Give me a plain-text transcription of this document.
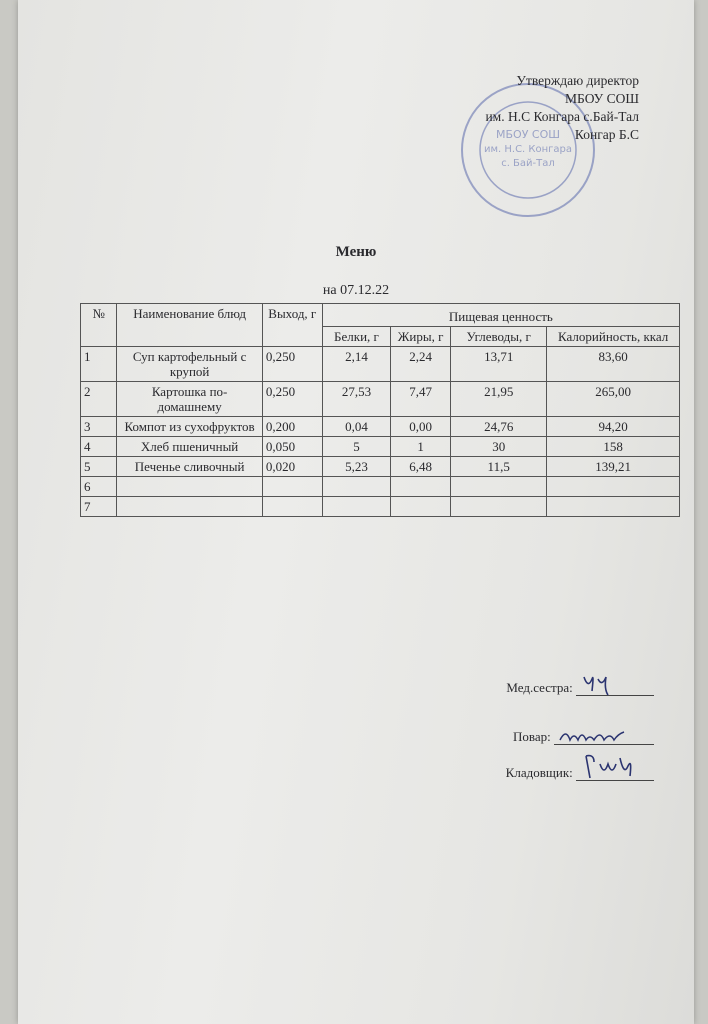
МБОУ СОШ
им. Н.С. Конгара
с. Бай-Тал
Утверждаю директор
МБОУ СОШ
им. Н.С Конгара с.Бай-Тал
Конгар Б.С
Меню
на 07.12.22
№	Наименование блюд	Выход, г	Пищевая ценность			
			Белки, г	Жиры, г	Углеводы, г	Калорийность, ккал
1	Суп картофельный с крупой	0,250	2,14	2,24	13,71	83,60
2	Картошка по-домашнему	0,250	27,53	7,47	21,95	265,00
3	Компот из сухофруктов	0,200	0,04	0,00	24,76	94,20
4	Хлеб пшеничный	0,050	5	1	30	158
5	Печенье сливочный	0,020	5,23	6,48	11,5	139,21
6						
7						
Мед.сестра:
Повар:
Кладовщик:
